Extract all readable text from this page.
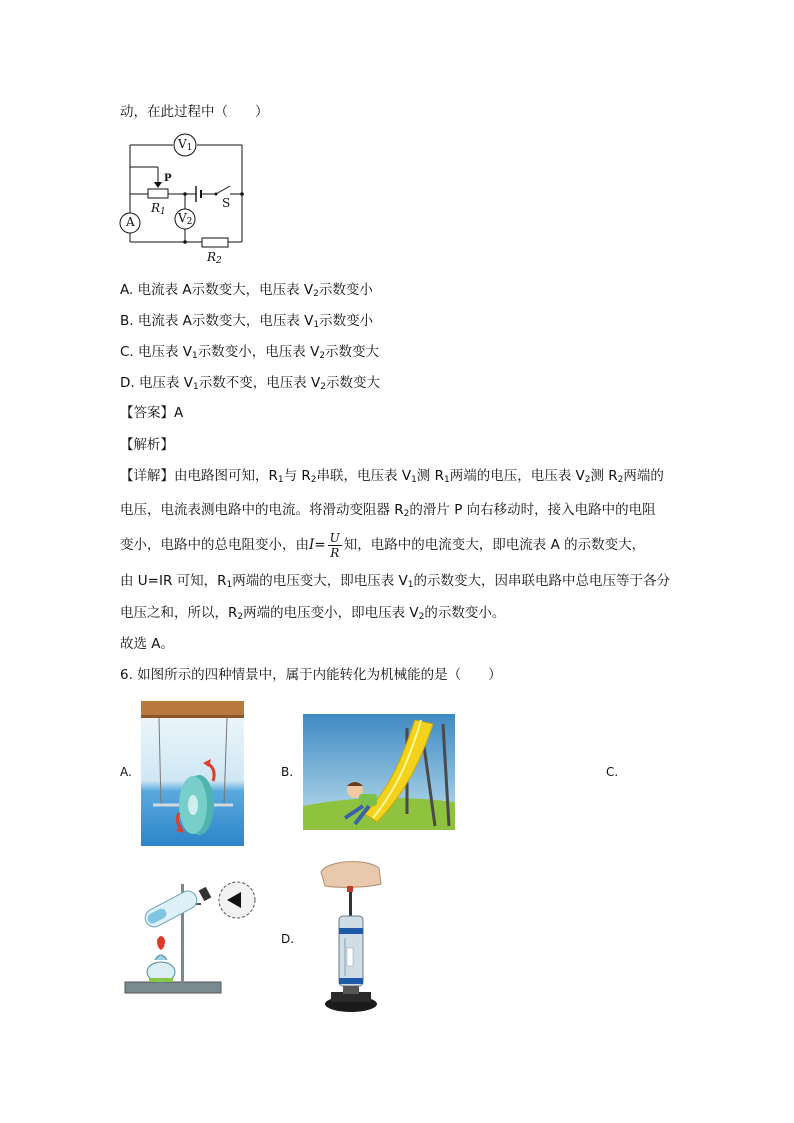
动，在此过程中（　　）
$V_1$
$V_2$
A
P
$R_1$
$R_2$
S
A. 电流表 A示数变大，电压表 $V_2$示数变小
B. 电流表 A示数变大，电压表 $V_1$示数变小
C. 电压表 $V_1$示数变小，电压表 $V_2$示数变大
D. 电压表 $V_1$示数不变，电压表 $V_2$示数变大
【答案】A
【解析】
【详解】由电路图可知，$R_1$与 $R_2$串联，电压表 $V_1$测 $R_1$两端的电压，电压表 $V_2$测 $R_2$两端的
电压，电流表测电路中的电流。将滑动变阻器 $R_2$的滑片 P 向右移动时，接入电路中的电阻
变小，电路中的总电阻变小，由$I= \frac{U}{R}$ 知，电路中的电流变大，即电流表 A 的示数变大，
由 U=IR 可知，$R_1$两端的电压变大，即电压表 $V_1$的示数变大，因串联电路中总电压等于各分
电压之和，所以，$R_2$两端的电压变小，即电压表 $V_2$的示数变小。
故选 A。
6. 如图所示的四种情景中，属于内能转化为机械能的是（　　）
A.	B.	C.
D.
